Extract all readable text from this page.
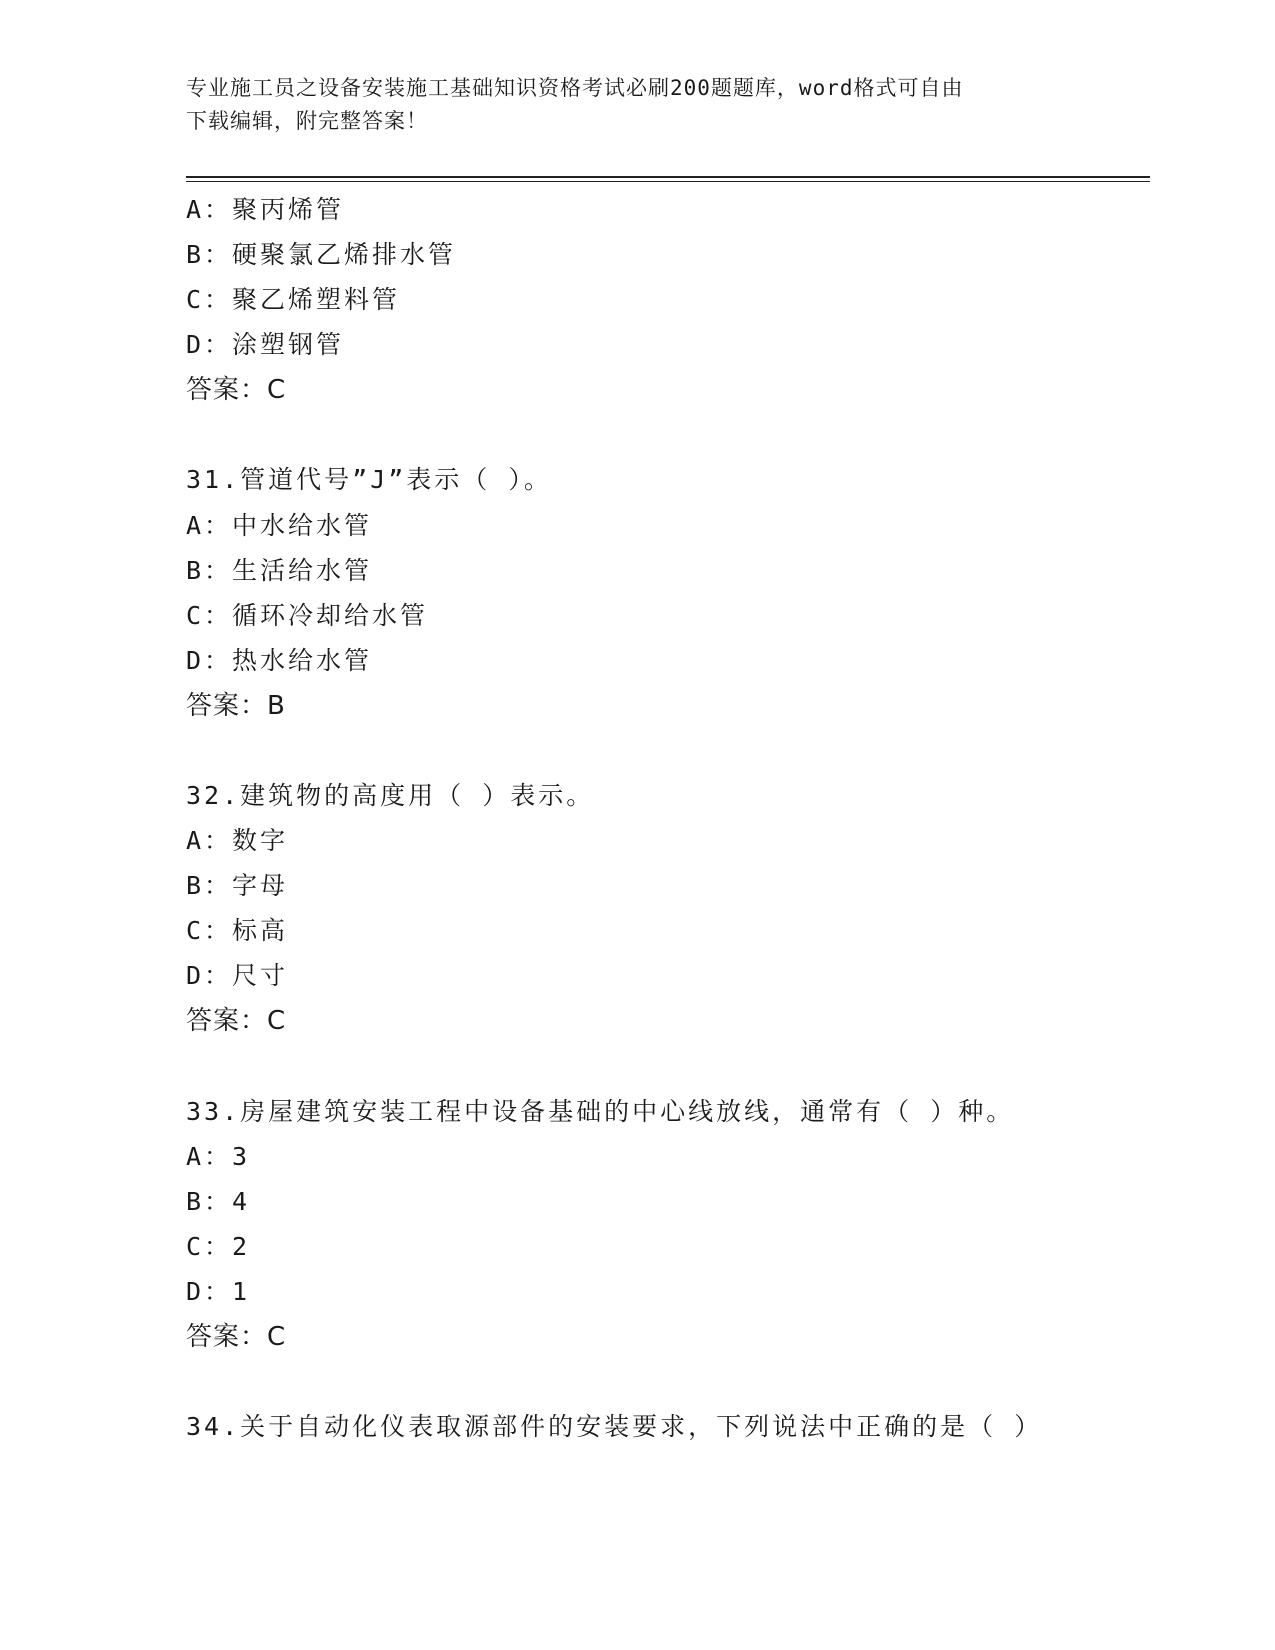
专业施工员之设备安装施工基础知识资格考试必刷200题题库，word格式可自由
下载编辑，附完整答案！
A：聚丙烯管
B：硬聚氯乙烯排水管
C：聚乙烯塑料管
D：涂塑钢管
答案：C
31.管道代号”J”表示（ ）。
A：中水给水管
B：生活给水管
C：循环冷却给水管
D：热水给水管
答案：B
32.建筑物的高度用（ ）表示。
A：数字
B：字母
C：标高
D：尺寸
答案：C
33.房屋建筑安装工程中设备基础的中心线放线，通常有（ ）种。
A：3
B：4
C：2
D：1
答案：C
34.关于自动化仪表取源部件的安装要求，下列说法中正确的是（ ）
